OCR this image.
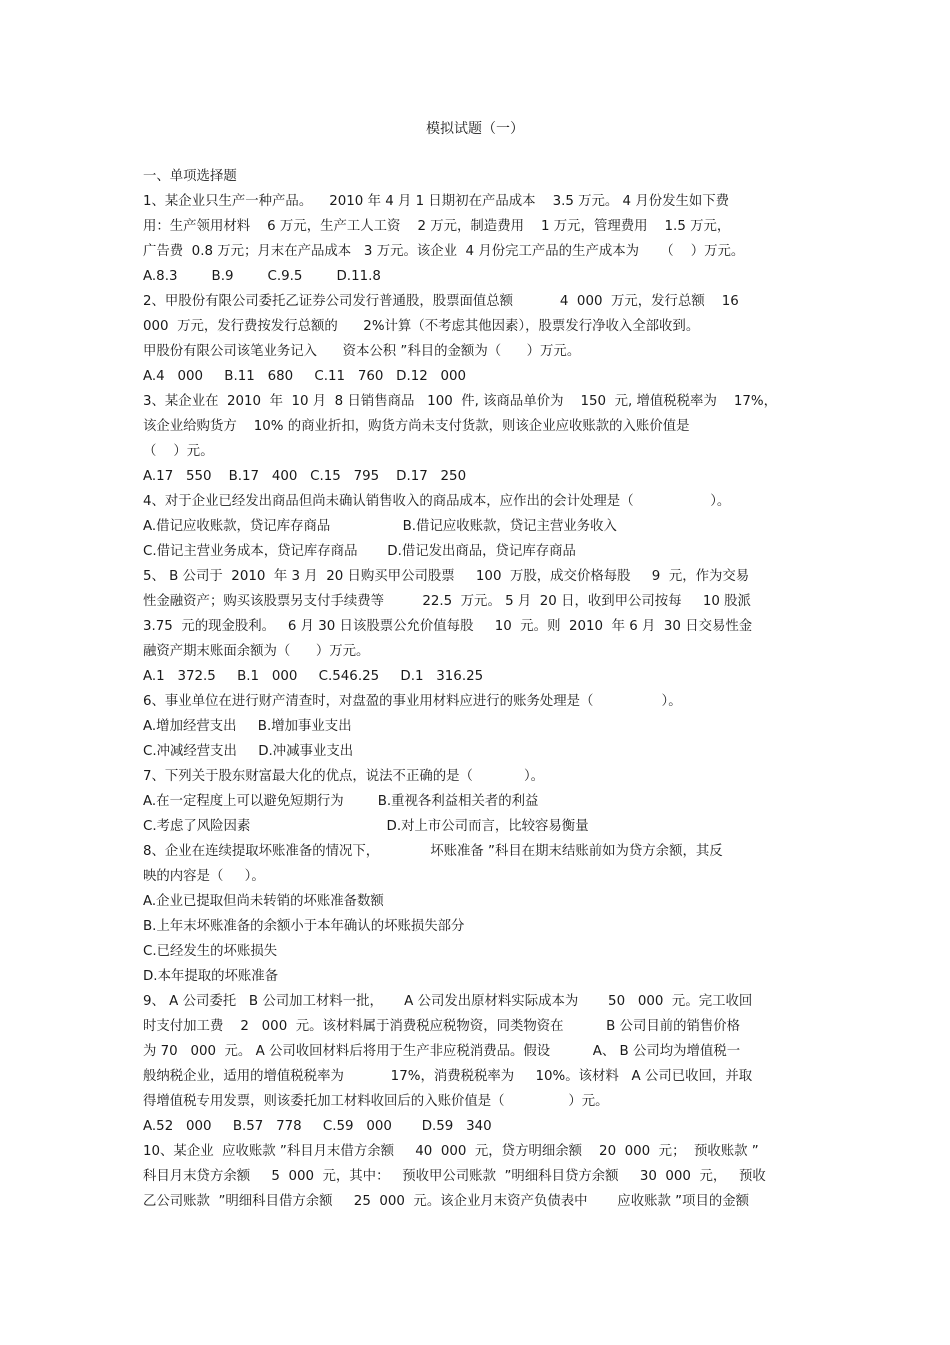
模拟试题（一）
一、单项选择题
1、某企业只生产一种产品。    2010 年 4 月 1 日期初在产品成本    3.5 万元。 4 月份发生如下费
用：生产领用材料    6 万元，生产工人工资    2 万元，制造费用    1 万元，管理费用    1.5 万元，
广告费  0.8 万元；月末在产品成本   3 万元。该企业  4 月份完工产品的生产成本为     （    ）万元。
A.8.3        B.9        C.9.5        D.11.8
2、甲股份有限公司委托乙证券公司发行普通股，股票面值总额           4  000  万元，发行总额    16
000  万元，发行费按发行总额的      2%计算（不考虑其他因素），股票发行净收入全部收到。
甲股份有限公司该笔业务记入      资本公积 ”科目的金额为（      ）万元。
A.4   000     B.11   680     C.11   760   D.12   000
3、某企业在  2010  年  10 月  8 日销售商品   100  件, 该商品单价为    150  元, 增值税税率为    17%，
该企业给购货方    10% 的商业折扣，购货方尚未支付货款，则该企业应收账款的入账价值是
（    ）元。
A.17   550    B.17   400   C.15   795    D.17   250
4、对于企业已经发出商品但尚未确认销售收入的商品成本，应作出的会计处理是（                  ）。
A.借记应收账款，贷记库存商品                 B.借记应收账款，贷记主营业务收入
C.借记主营业务成本，贷记库存商品       D.借记发出商品，贷记库存商品
5、 B 公司于  2010  年 3 月  20 日购买甲公司股票     100  万股，成交价格每股     9  元，作为交易
性金融资产；购买该股票另支付手续费等         22.5  万元。 5 月  20 日，收到甲公司按每     10 股派
3.75  元的现金股利。   6 月 30 日该股票公允价值每股     10  元。则  2010  年 6 月  30 日交易性金
融资产期末账面余额为（      ）万元。
A.1   372.5     B.1   000     C.546.25     D.1   316.25
6、事业单位在进行财产清查时，对盘盈的事业用材料应进行的账务处理是（                ）。
A.增加经营支出     B.增加事业支出
C.冲减经营支出     D.冲减事业支出
7、下列关于股东财富最大化的优点，说法不正确的是（            ）。
A.在一定程度上可以避免短期行为        B.重视各利益相关者的利益
C.考虑了风险因素                                D.对上市公司而言，比较容易衡量
8、企业在连续提取坏账准备的情况下，            坏账准备 ”科目在期末结账前如为贷方余额，其反
映的内容是（     ）。
A.企业已提取但尚未转销的坏账准备数额
B.上年末坏账准备的余额小于本年确认的坏账损失部分
C.已经发生的坏账损失
D.本年提取的坏账准备
9、 A 公司委托   B 公司加工材料一批，     A 公司发出原材料实际成本为       50   000  元。完工收回
时支付加工费    2   000  元。该材料属于消费税应税物资，同类物资在          B 公司目前的销售价格
为 70   000  元。 A 公司收回材料后将用于生产非应税消费品。假设          A、 B 公司均为增值税一
般纳税企业，适用的增值税税率为           17%，消费税税率为     10%。该材料   A 公司已收回，并取
得增值税专用发票，则该委托加工材料收回后的入账价值是（               ）元。
A.52   000     B.57   778     C.59   000       D.59   340
10、某企业  应收账款 ”科目月末借方余额     40  000  元，贷方明细余额    20  000  元；  预收账款 ”
科目月末贷方余额     5  000  元，其中：   预收甲公司账款  ”明细科目贷方余额     30  000  元，   预收
乙公司账款  ”明细科目借方余额     25  000  元。该企业月末资产负债表中       应收账款 ”项目的金额
